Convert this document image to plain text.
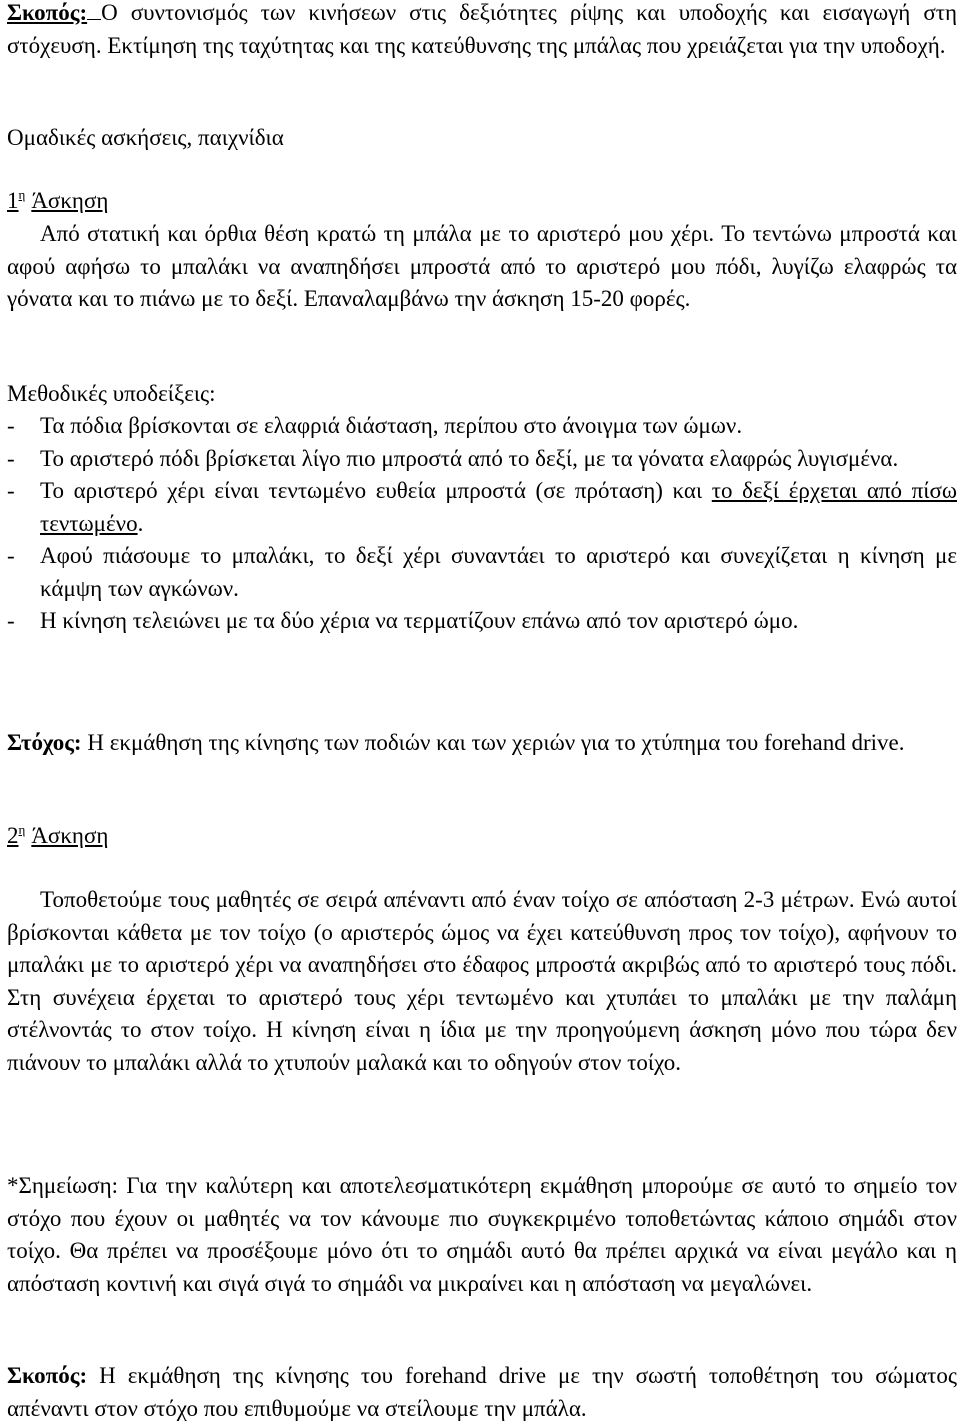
Σκοπός: Ο συντονισμός των κινήσεων στις δεξιότητες ρίψης και υποδοχής και εισαγωγή στη στόχευση. Εκτίμηση της ταχύτητας και της κατεύθυνσης της μπάλας που χρειάζεται για την υποδοχή.

Ομαδικές ασκήσεις, παιχνίδια

$1^\eta$ Άσκηση

Από στατική και όρθια θέση κρατώ τη μπάλα με το αριστερό μου χέρι. Το τεντώνω μπροστά και αφού αφήσω το μπαλάκι να αναπηδήσει μπροστά από το αριστερό μου πόδι, λυγίζω ελαφρώς τα γόνατα και το πιάνω με το δεξί. Επαναλαμβάνω την άσκηση 15-20 φορές.

Μεθοδικές υποδείξεις:

- Τα πόδια βρίσκονται σε ελαφριά διάσταση, περίπου στο άνοιγμα των ώμων.
- Το αριστερό πόδι βρίσκεται λίγο πιο μπροστά από το δεξί, με τα γόνατα ελαφρώς λυγισμένα.
- Το αριστερό χέρι είναι τεντωμένο ευθεία μπροστά (σε πρόταση) και το δεξί έρχεται από πίσω τεντωμένο.
- Αφού πιάσουμε το μπαλάκι, το δεξί χέρι συναντάει το αριστερό και συνεχίζεται η κίνηση με κάμψη των αγκώνων.
- Η κίνηση τελειώνει με τα δύο χέρια να τερματίζουν επάνω από τον αριστερό ώμο.

Στόχος: Η εκμάθηση της κίνησης των ποδιών και των χεριών για το χτύπημα του forehand drive.

$2^\eta$ Άσκηση

Τοποθετούμε τους μαθητές σε σειρά απέναντι από έναν τοίχο σε απόσταση 2-3 μέτρων. Ενώ αυτοί βρίσκονται κάθετα με τον τοίχο (ο αριστερός ώμος να έχει κατεύθυνση προς τον τοίχο), αφήνουν το μπαλάκι με το αριστερό χέρι να αναπηδήσει στο έδαφος μπροστά ακριβώς από το αριστερό τους πόδι. Στη συνέχεια έρχεται το αριστερό τους χέρι τεντωμένο και χτυπάει το μπαλάκι με την παλάμη στέλνοντάς το στον τοίχο. Η κίνηση είναι η ίδια με την προηγούμενη άσκηση μόνο που τώρα δεν πιάνουν το μπαλάκι αλλά το χτυπούν μαλακά και το οδηγούν στον τοίχο.

*Σημείωση: Για την καλύτερη και αποτελεσματικότερη εκμάθηση μπορούμε σε αυτό το σημείο τον στόχο που έχουν οι μαθητές να τον κάνουμε πιο συγκεκριμένο τοποθετώντας κάποιο σημάδι στον τοίχο. Θα πρέπει να προσέξουμε μόνο ότι το σημάδι αυτό θα πρέπει αρχικά να είναι μεγάλο και η απόσταση κοντινή και σιγά σιγά το σημάδι να μικραίνει και η απόσταση να μεγαλώνει.

Σκοπός: Η εκμάθηση της κίνησης του forehand drive με την σωστή τοποθέτηση του σώματος απέναντι στον στόχο που επιθυμούμε να στείλουμε την μπάλα.
